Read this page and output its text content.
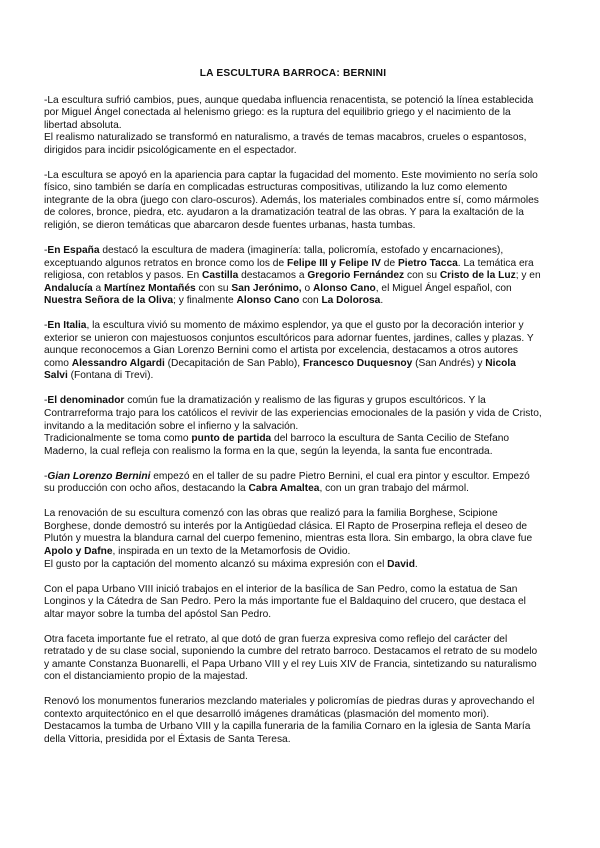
LA ESCULTURA BARROCA: BERNINI

-La escultura sufrió cambios, pues, aunque quedaba influencia renacentista, se potenció la línea establecida por Miguel Ángel conectada al helenismo griego: es la ruptura del equilibrio griego y el nacimiento de la libertad absoluta.

El realismo naturalizado se transformó en naturalismo, a través de temas macabros, crueles o espantosos, dirigidos para incidir psicológicamente en el espectador.

-La escultura se apoyó en la apariencia para captar la fugacidad del momento. Este movimiento no sería solo físico, sino también se daría en complicadas estructuras compositivas, utilizando la luz como elemento integrante de la obra (juego con claro-oscuros). Además, los materiales combinados entre sí, como mármoles de colores, bronce, piedra, etc. ayudaron a la dramatización teatral de las obras. Y para la exaltación de la religión, se dieron temáticas que abarcaron desde fuentes urbanas, hasta tumbas.

-En España destacó la escultura de madera (imaginería: talla, policromía, estofado y encarnaciones), exceptuando algunos retratos en bronce como los de Felipe III y Felipe IV de Pietro Tacca. La temática era religiosa, con retablos y pasos. En Castilla destacamos a Gregorio Fernández con su Cristo de la Luz; y en Andalucía a Martínez Montañés con su San Jerónimo, o Alonso Cano, el Miguel Ángel español, con Nuestra Señora de la Oliva; y finalmente Alonso Cano con La Dolorosa.

-En Italia, la escultura vivió su momento de máximo esplendor, ya que el gusto por la decoración interior y exterior se unieron con majestuosos conjuntos escultóricos para adornar fuentes, jardines, calles y plazas. Y aunque reconocemos a Gian Lorenzo Bernini como el artista por excelencia, destacamos a otros autores como Alessandro Algardi (Decapitación de San Pablo), Francesco Duquesnoy (San Andrés) y Nicola Salvi (Fontana di Trevi).

-El denominador común fue la dramatización y realismo de las figuras y grupos escultóricos. Y la Contrarreforma trajo para los católicos el revivir de las experiencias emocionales de la pasión y vida de Cristo, invitando a la meditación sobre el infierno y la salvación.

Tradicionalmente se toma como punto de partida del barroco la escultura de Santa Cecilio de Stefano Maderno, la cual refleja con realismo la forma en la que, según la leyenda, la santa fue encontrada.

-Gian Lorenzo Bernini empezó en el taller de su padre Pietro Bernini, el cual era pintor y escultor. Empezó su producción con ocho años, destacando la Cabra Amaltea, con un gran trabajo del mármol.

La renovación de su escultura comenzó con las obras que realizó para la familia Borghese, Scipione Borghese, donde demostró su interés por la Antigüedad clásica. El Rapto de Proserpina refleja el deseo de Plutón y muestra la blandura carnal del cuerpo femenino, mientras esta llora. Sin embargo, la obra clave fue Apolo y Dafne, inspirada en un texto de la Metamorfosis de Ovidio.

El gusto por la captación del momento alcanzó su máxima expresión con el David.

Con el papa Urbano VIII inició trabajos en el interior de la basílica de San Pedro, como la estatua de San Longinos y la Cátedra de San Pedro. Pero la más importante fue el Baldaquino del crucero, que destaca el altar mayor sobre la tumba del apóstol San Pedro.

Otra faceta importante fue el retrato, al que dotó de gran fuerza expresiva como reflejo del carácter del retratado y de su clase social, suponiendo la cumbre del retrato barroco. Destacamos el retrato de su modelo y amante Constanza Buonarelli, el Papa Urbano VIII y el rey Luis XIV de Francia, sintetizando su naturalismo con el distanciamiento propio de la majestad.

Renovó los monumentos funerarios mezclando materiales y policromías de piedras duras y aprovechando el contexto arquitectónico en el que desarrolló imágenes dramáticas (plasmación del momento mori). Destacamos la tumba de Urbano VIII y la capilla funeraria de la familia Cornaro en la iglesia de Santa María della Vittoria, presidida por el Éxtasis de Santa Teresa.
